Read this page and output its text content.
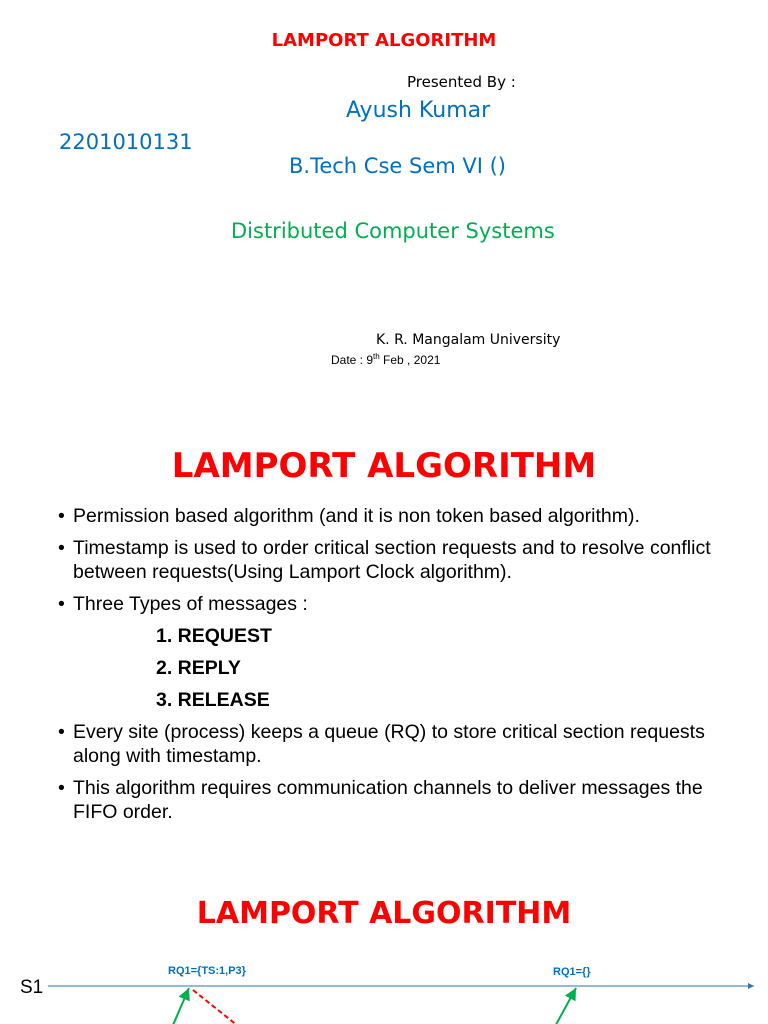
LAMPORT ALGORITHM
Presented By :
Ayush Kumar
2201010131
B.Tech Cse Sem VI ()
Distributed Computer Systems
K. R. Mangalam University
Date : 9th Feb , 2021
LAMPORT ALGORITHM
• Permission based algorithm (and it is non token based algorithm).
• Timestamp is used to order critical section requests and to resolve conflict between requests(Using Lamport Clock algorithm).
• Three Types of messages :
1. REQUEST
2. REPLY
3. RELEASE
• Every site (process) keeps a queue (RQ) to store critical section requests along with timestamp.
• This algorithm requires communication channels to deliver messages the FIFO order.
LAMPORT ALGORITHM
S1
RQ1={TS:1,P3}	RQ1={}
